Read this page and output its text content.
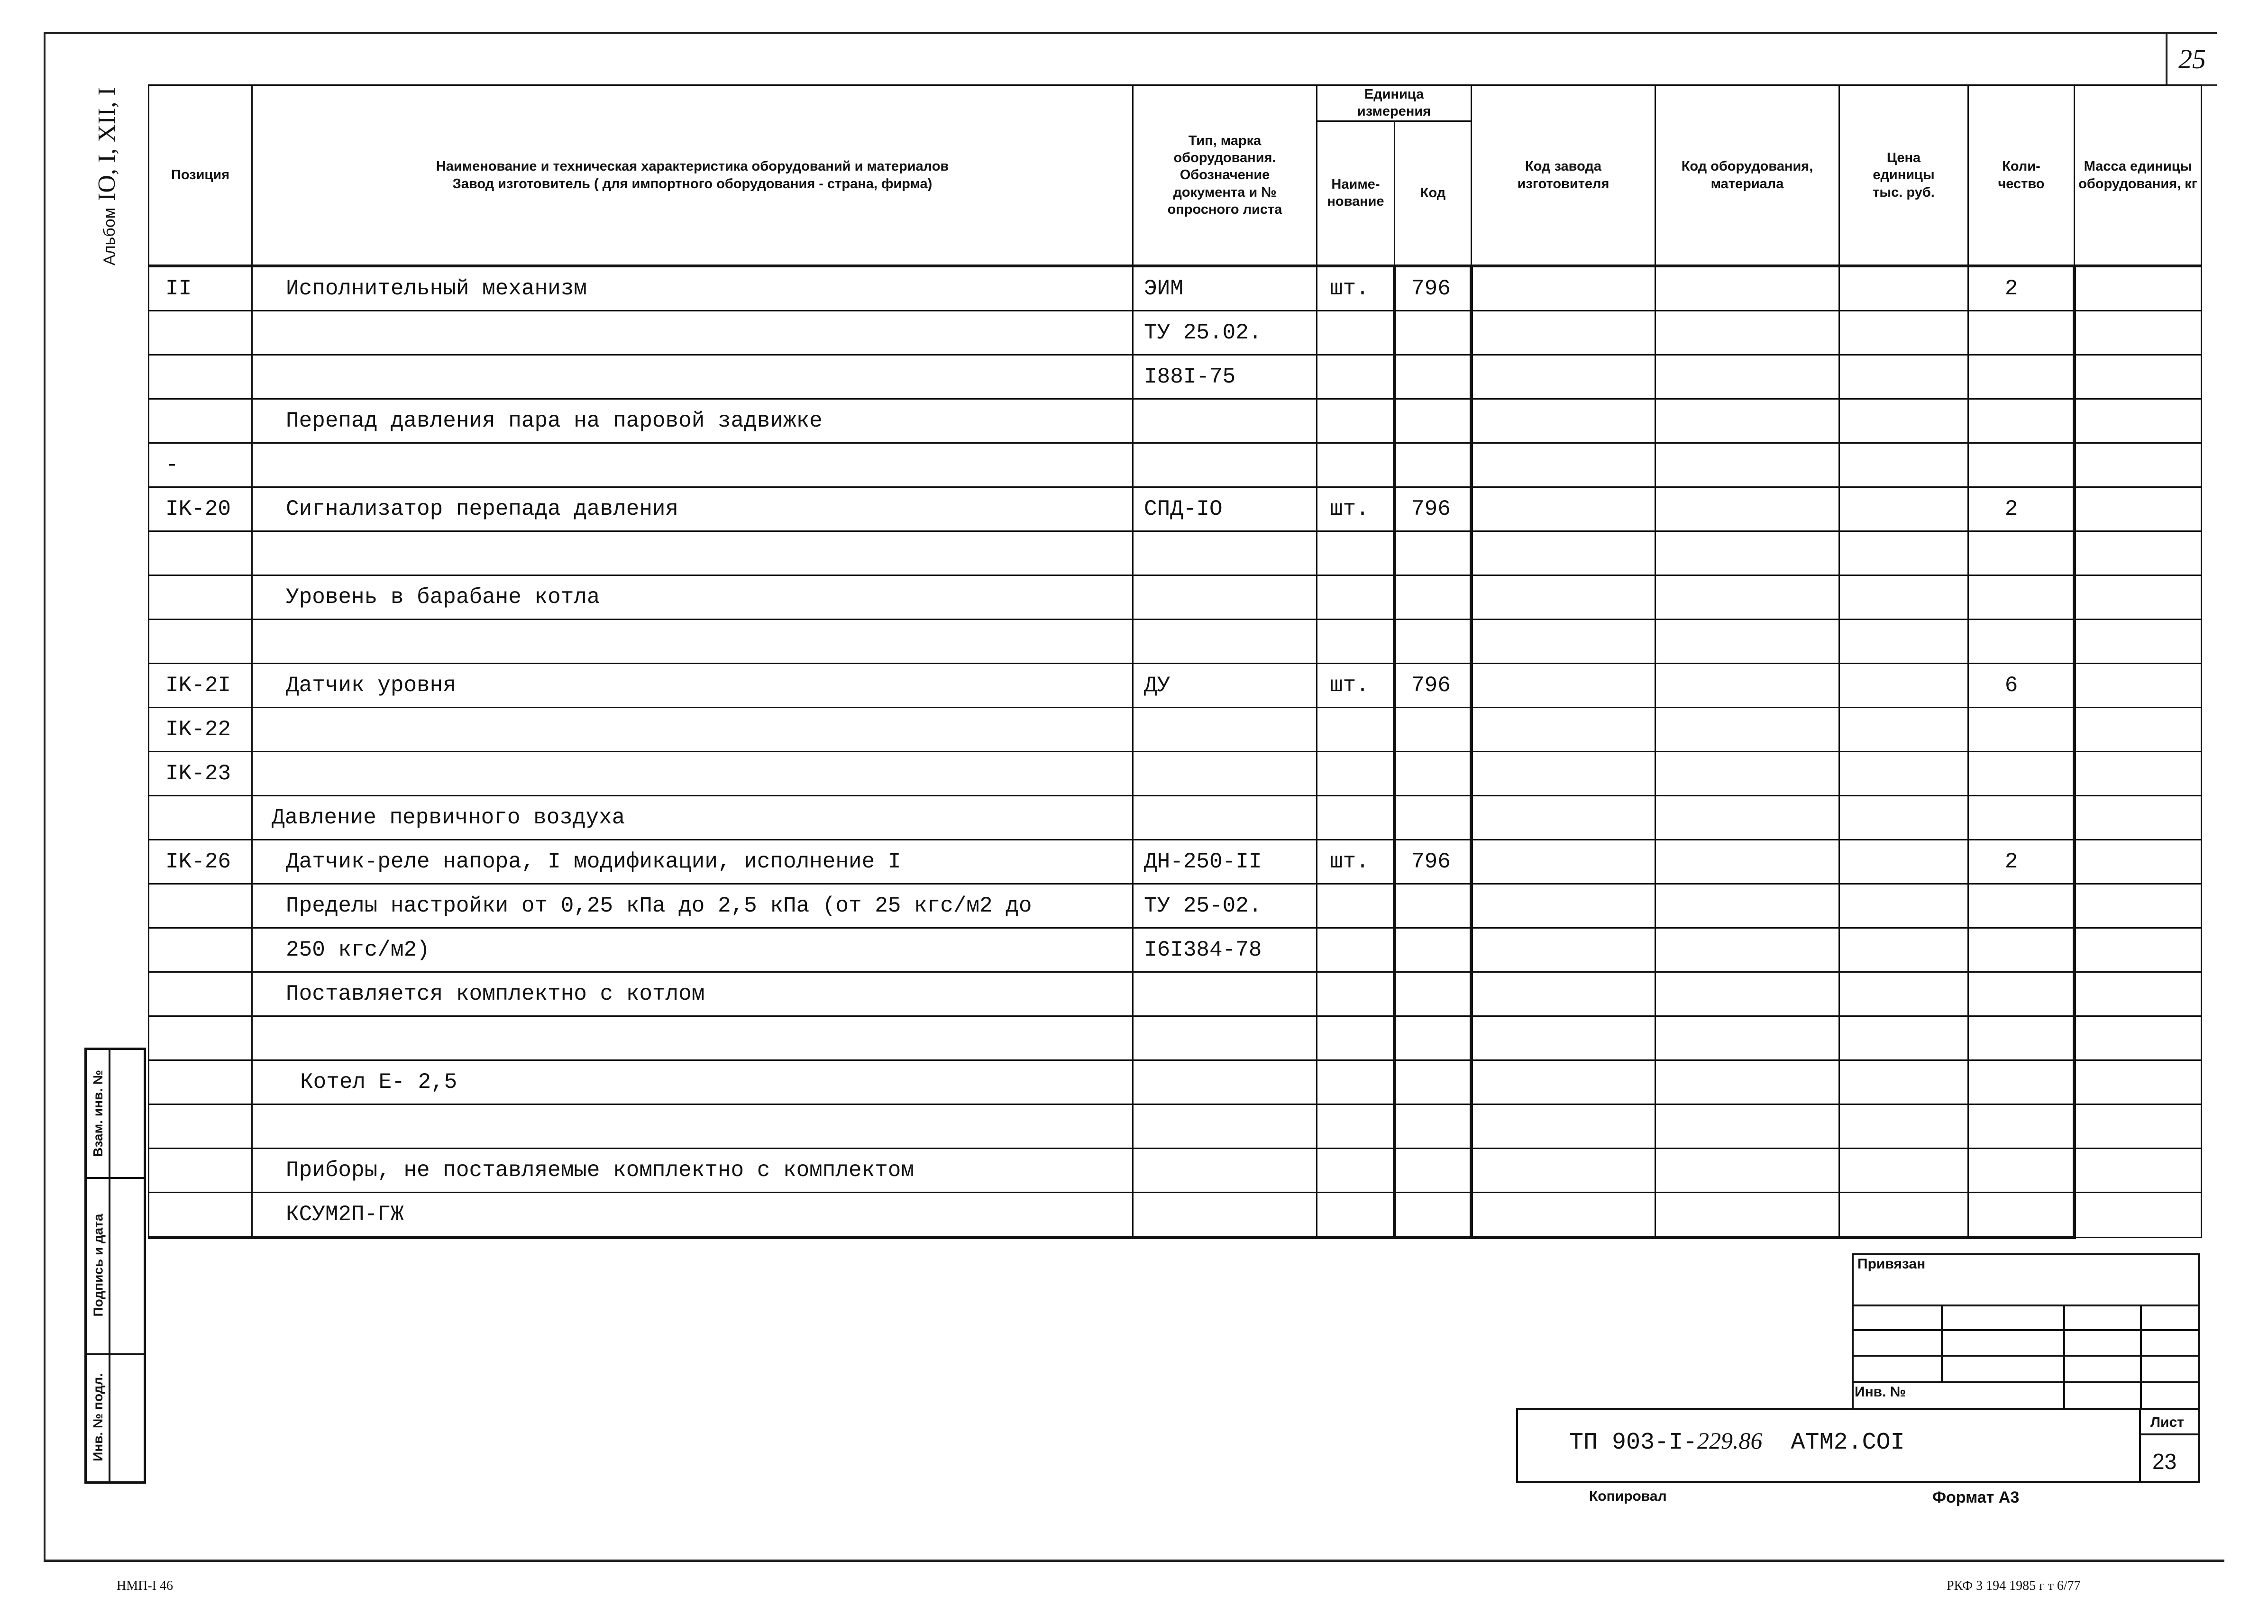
25
АльбомIO, I, XII, I	Позиция	Наименование и техническая характеристика оборудований и материалов
Завод изготовитель ( для импортного оборудования - страна, фирма)	Тип, марка оборудования. Обозначение документа и № опросного листа	Единица измерения		Код завода изготовителя	Код оборудования, материала	Цена единицы тыс. руб.	Коли-чество	Масса единицы оборудования, кг
			Наиме-нование	Код					
II	Исполнительный механизм	ЭИМ	шт.	796				2	
		ТУ 25.02.							
		I88I-75							
	Перепад давления пара на паровой задвижке								
-									
IK-20	Сигнализатор перепада давления	СПД-IO	шт.	796				2	

	Уровень в барабане котла								

IK-2I	Датчик уровня	ДУ	шт.	796				6	
IK-22									
IK-23									
	Давление первичного воздуха								
IK-26	Датчик-реле напора, I модификации, исполнение I	ДН-250-II	шт.	796				2	
	Пределы настройки от 0,25 кПа до 2,5 кПа (от 25 кгс/м2 до	ТУ 25-02.							
	250 кгс/м2)	I6I384-78							
	Поставляется комплектно с котлом								

	Котел Е- 2,5								

	Приборы, не поставляемые комплектно с комплектом								
	КСУМ2П-ГЖ								
Взам. инв. №
Подпись и дата
Инв. № подл.
Привязан
Инв. №
ТП 903-I-229.86  АТМ2.COI
Лист
23
Копировал	Формат А3
НМП-I 46	РКФ 3 194 1985 г т 6/77
